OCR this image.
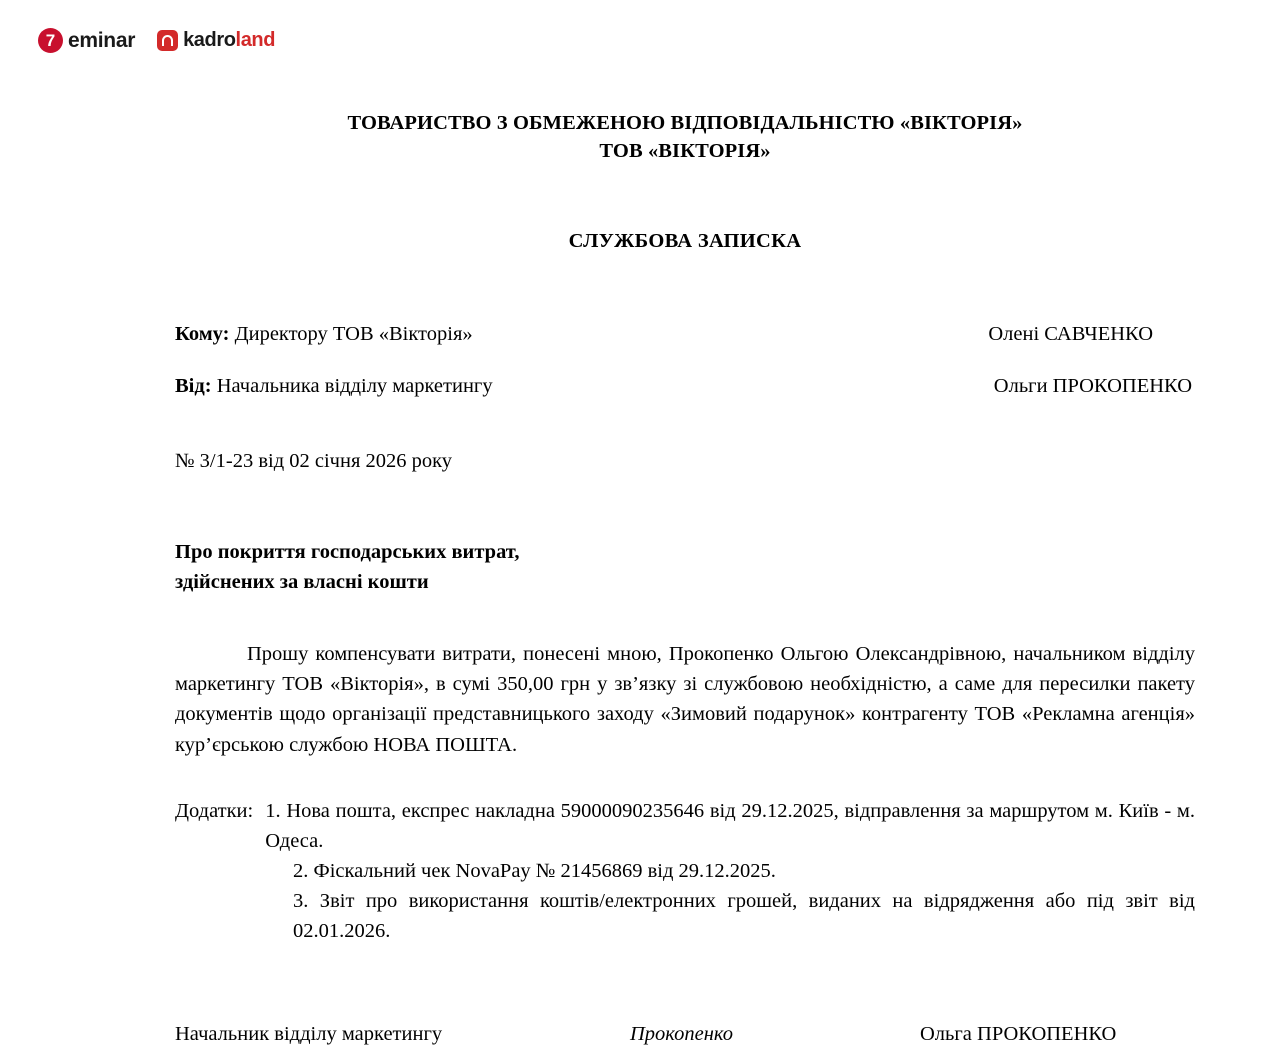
7 eminar kadroland
ТОВАРИСТВО З ОБМЕЖЕНОЮ ВІДПОВІДАЛЬНІСТЮ «ВІКТОРІЯ»
ТОВ «ВІКТОРІЯ»
СЛУЖБОВА ЗАПИСКА
Кому: Директору ТОВ «Вікторія»	Олені САВЧЕНКО
Від: Начальника відділу маркетингу	Ольги ПРОКОПЕНКО
№ 3/1-23 від 02 січня 2026 року
Про покриття господарських витрат,
здійснених за власні кошти
Прошу компенсувати витрати, понесені мною, Прокопенко Ольгою Олександрівною, начальником відділу маркетингу ТОВ «Вікторія», в сумі 350,00 грн у зв’язку зі службовою необхідністю, а саме для пересилки пакету документів щодо організації представницького заходу «Зимовий подарунок» контрагенту ТОВ «Рекламна агенція» кур’єрською службою НОВА ПОШТА.
Додатки: 1. Нова пошта, експрес накладна 59000090235646 від 29.12.2025, відправлення за маршрутом м. Київ - м. Одеса.
2. Фіскальний чек NovaPay № 21456869 від 29.12.2025.
3. Звіт про використання коштів/електронних грошей, виданих на відрядження або під звіт від 02.01.2026.
Начальник відділу маркетингу	Прокопенко	Ольга ПРОКОПЕНКО
